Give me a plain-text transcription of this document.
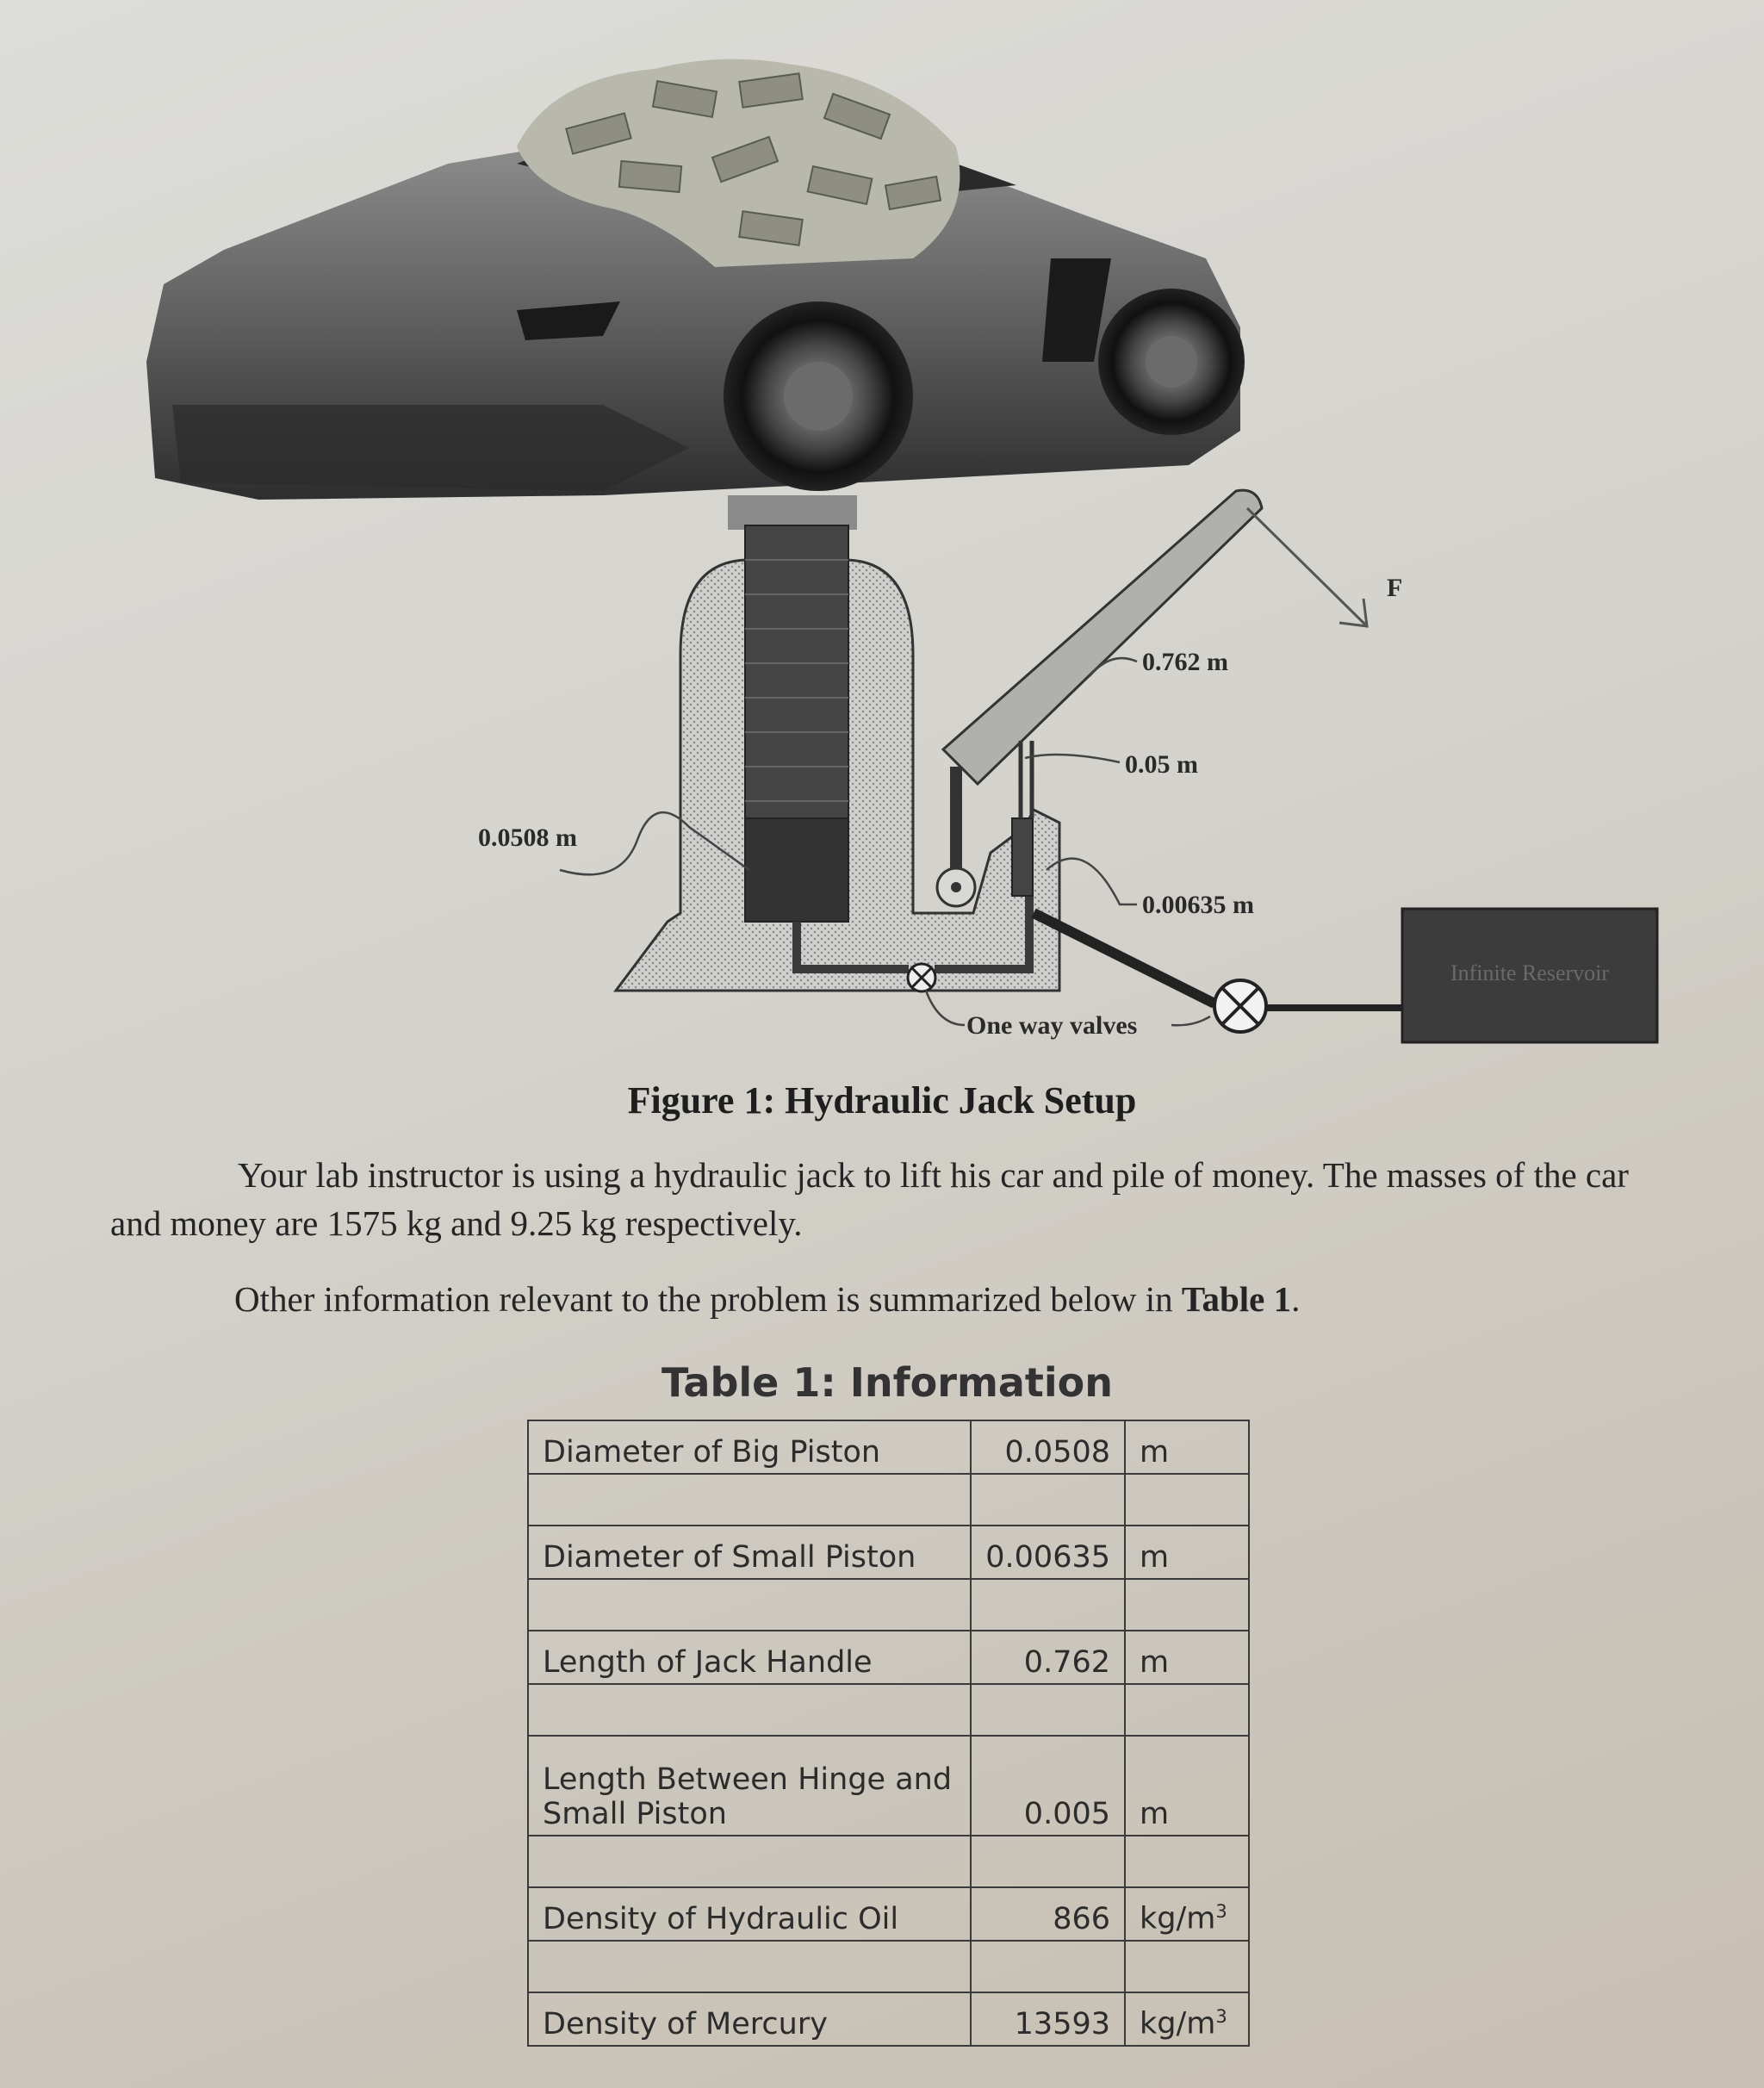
Infinite Reservoir
F
0.762 m
0.05 m
0.0508 m
0.00635 m
One way valves
Figure 1: Hydraulic Jack Setup
Your lab instructor is using a hydraulic jack to lift his car and pile of money. The masses of the car and money are 1575 kg and 9.25 kg respectively.
Other information relevant to the problem is summarized below in Table 1.
Table 1: Information
Diameter of Big Piston	0.0508	m

Diameter of Small Piston	0.00635	m

Length of Jack Handle	0.762	m

Length Between Hinge and Small Piston	0.005	m

Density of Hydraulic Oil	866	$kg/m^3$

Density of Mercury	13593	$kg/m^3$
